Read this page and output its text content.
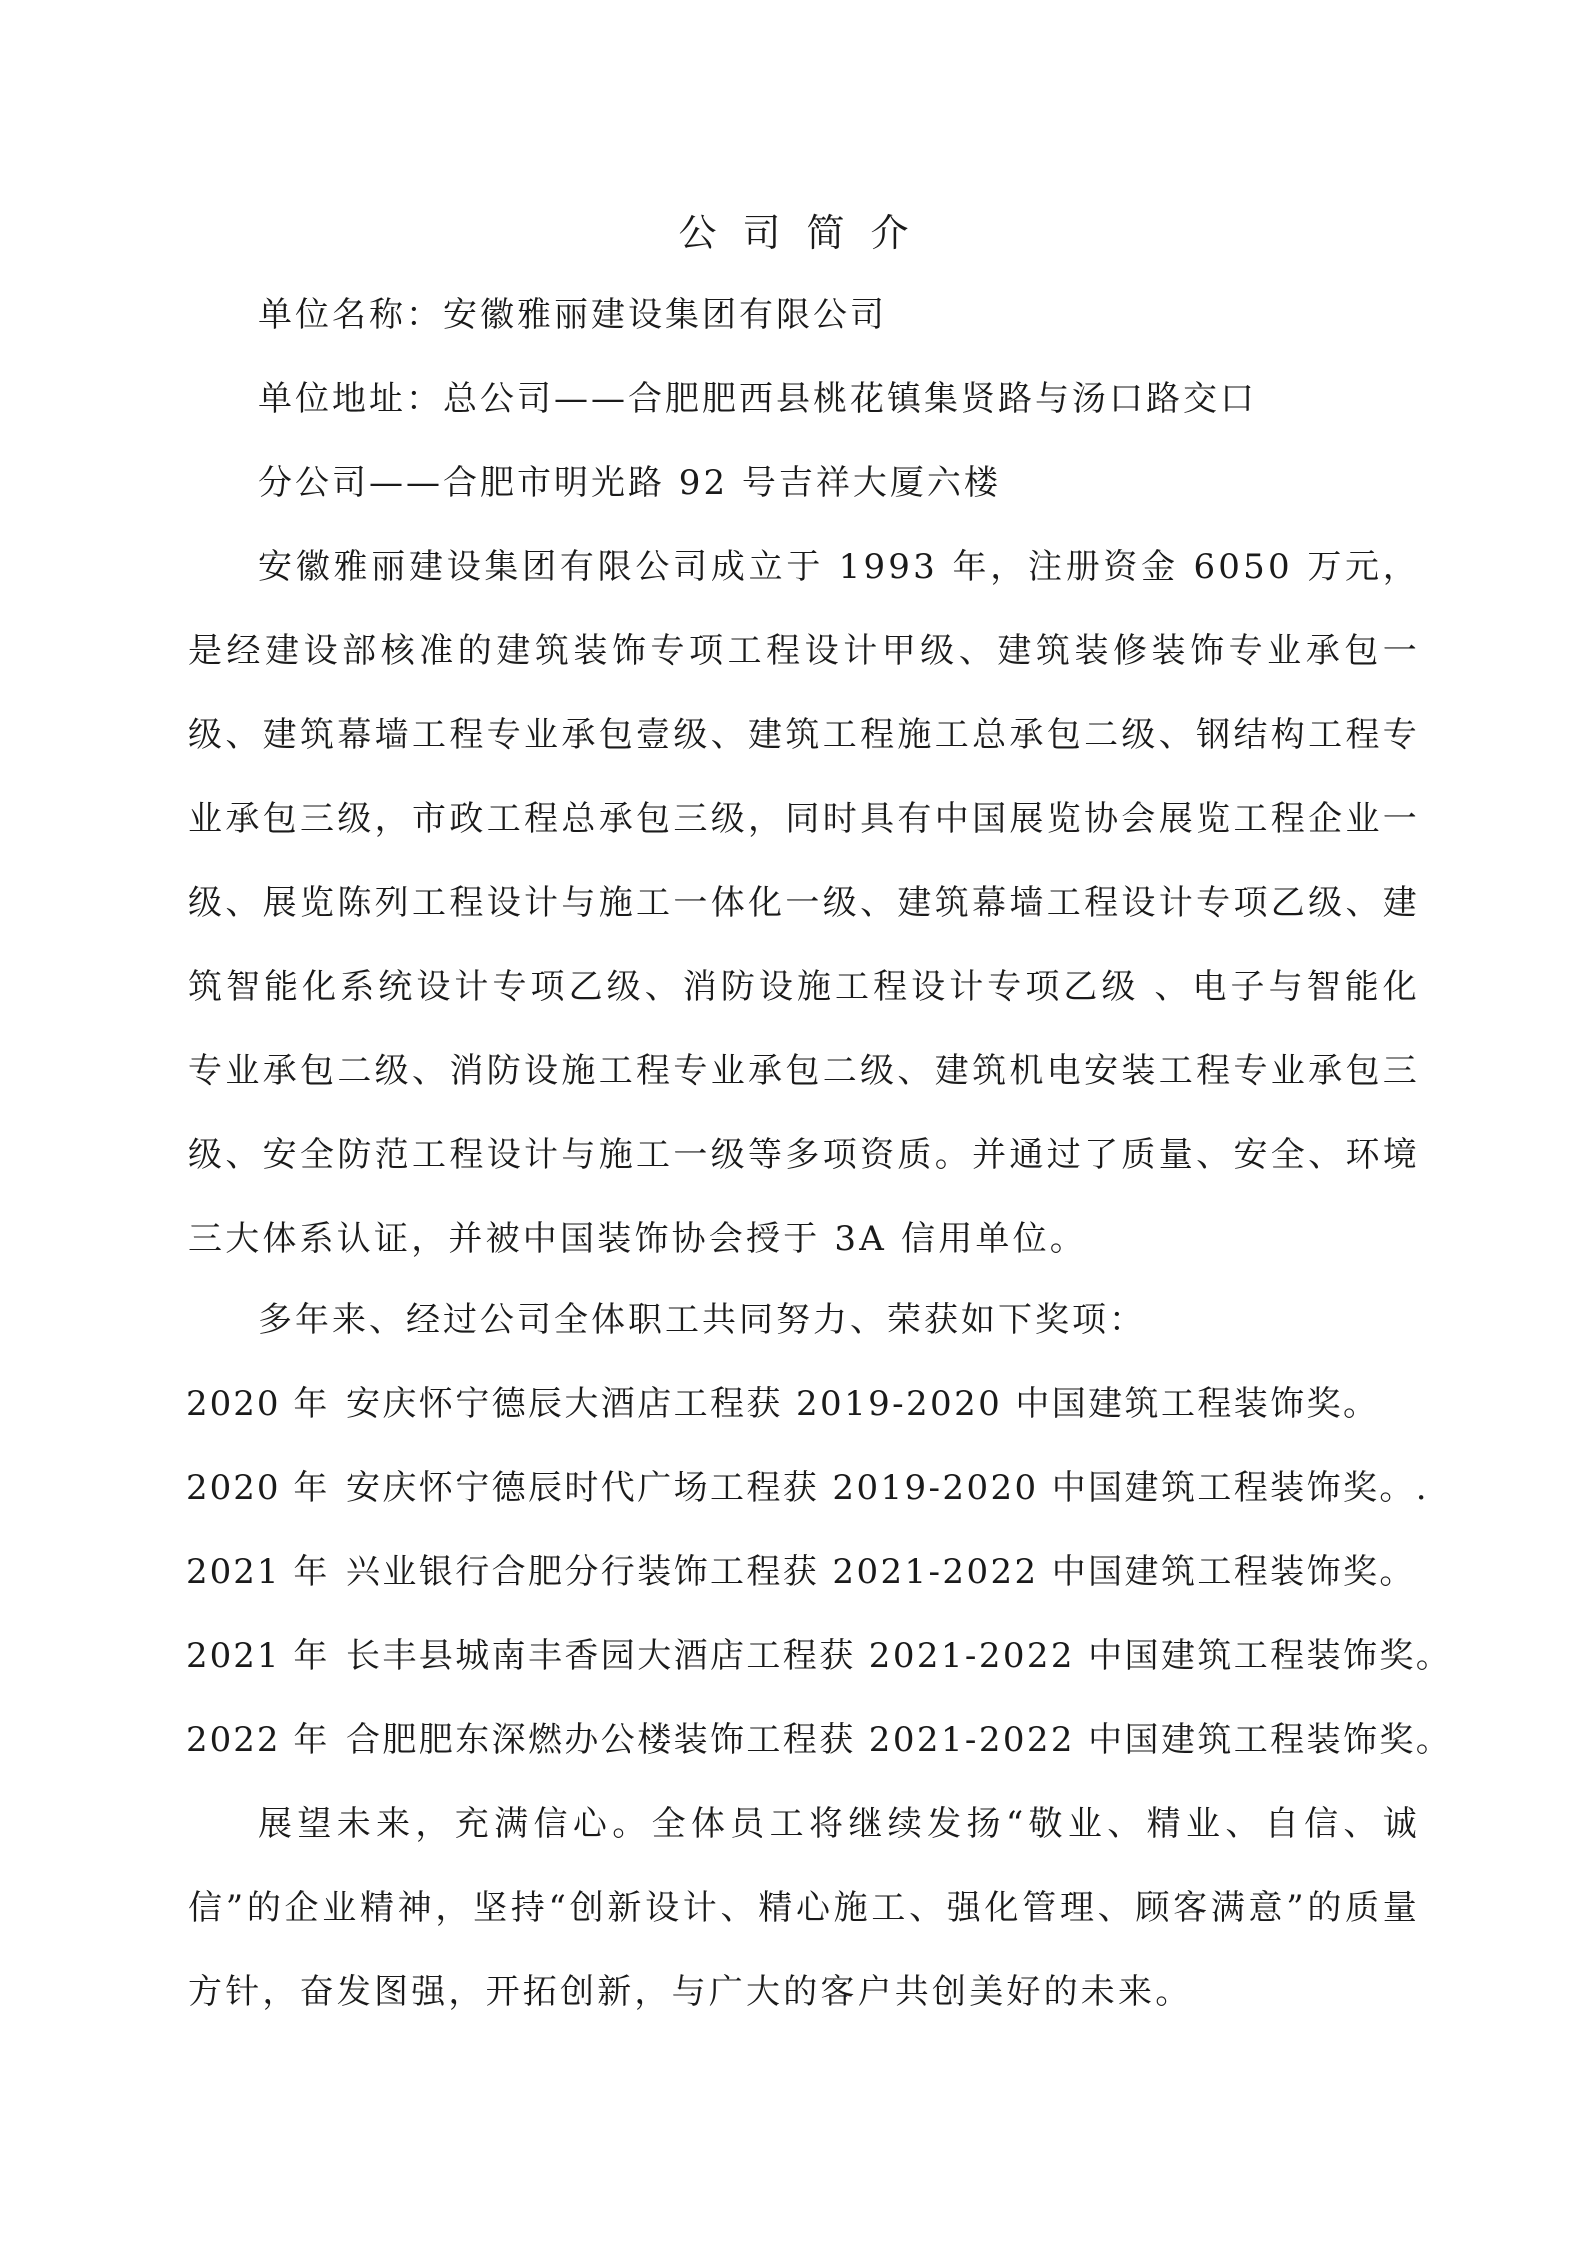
公司简介
单位名称：安徽雅丽建设集团有限公司
单位地址：总公司——合肥肥西县桃花镇集贤路与汤口路交口
分公司——合肥市明光路 92 号吉祥大厦六楼

安徽雅丽建设集团有限公司成立于 1993 年，注册资金 6050 万元，是经建设部核准的建筑装饰专项工程设计甲级、建筑装修装饰专业承包一级、建筑幕墙工程专业承包壹级、建筑工程施工总承包二级、钢结构工程专业承包三级，市政工程总承包三级，同时具有中国展览协会展览工程企业一级、展览陈列工程设计与施工一体化一级、建筑幕墙工程设计专项乙级、建筑智能化系统设计专项乙级、消防设施工程设计专项乙级 、电子与智能化专业承包二级、消防设施工程专业承包二级、建筑机电安装工程专业承包三级、安全防范工程设计与施工一级等多项资质。并通过了质量、安全、环境三大体系认证，并被中国装饰协会授于 3A 信用单位。

多年来、经过公司全体职工共同努力、荣获如下奖项：
2020 年 安庆怀宁德辰大酒店工程获 2019-2020 中国建筑工程装饰奖。
2020 年 安庆怀宁德辰时代广场工程获 2019-2020 中国建筑工程装饰奖。.
2021 年 兴业银行合肥分行装饰工程获 2021-2022 中国建筑工程装饰奖。
2021 年 长丰县城南丰香园大酒店工程获 2021-2022 中国建筑工程装饰奖。
2022 年 合肥肥东深燃办公楼装饰工程获 2021-2022 中国建筑工程装饰奖。

展望未来，充满信心。全体员工将继续发扬“敬业、精业、自信、诚信”的企业精神，坚持“创新设计、精心施工、强化管理、顾客满意”的质量方针，奋发图强，开拓创新，与广大的客户共创美好的未来。
